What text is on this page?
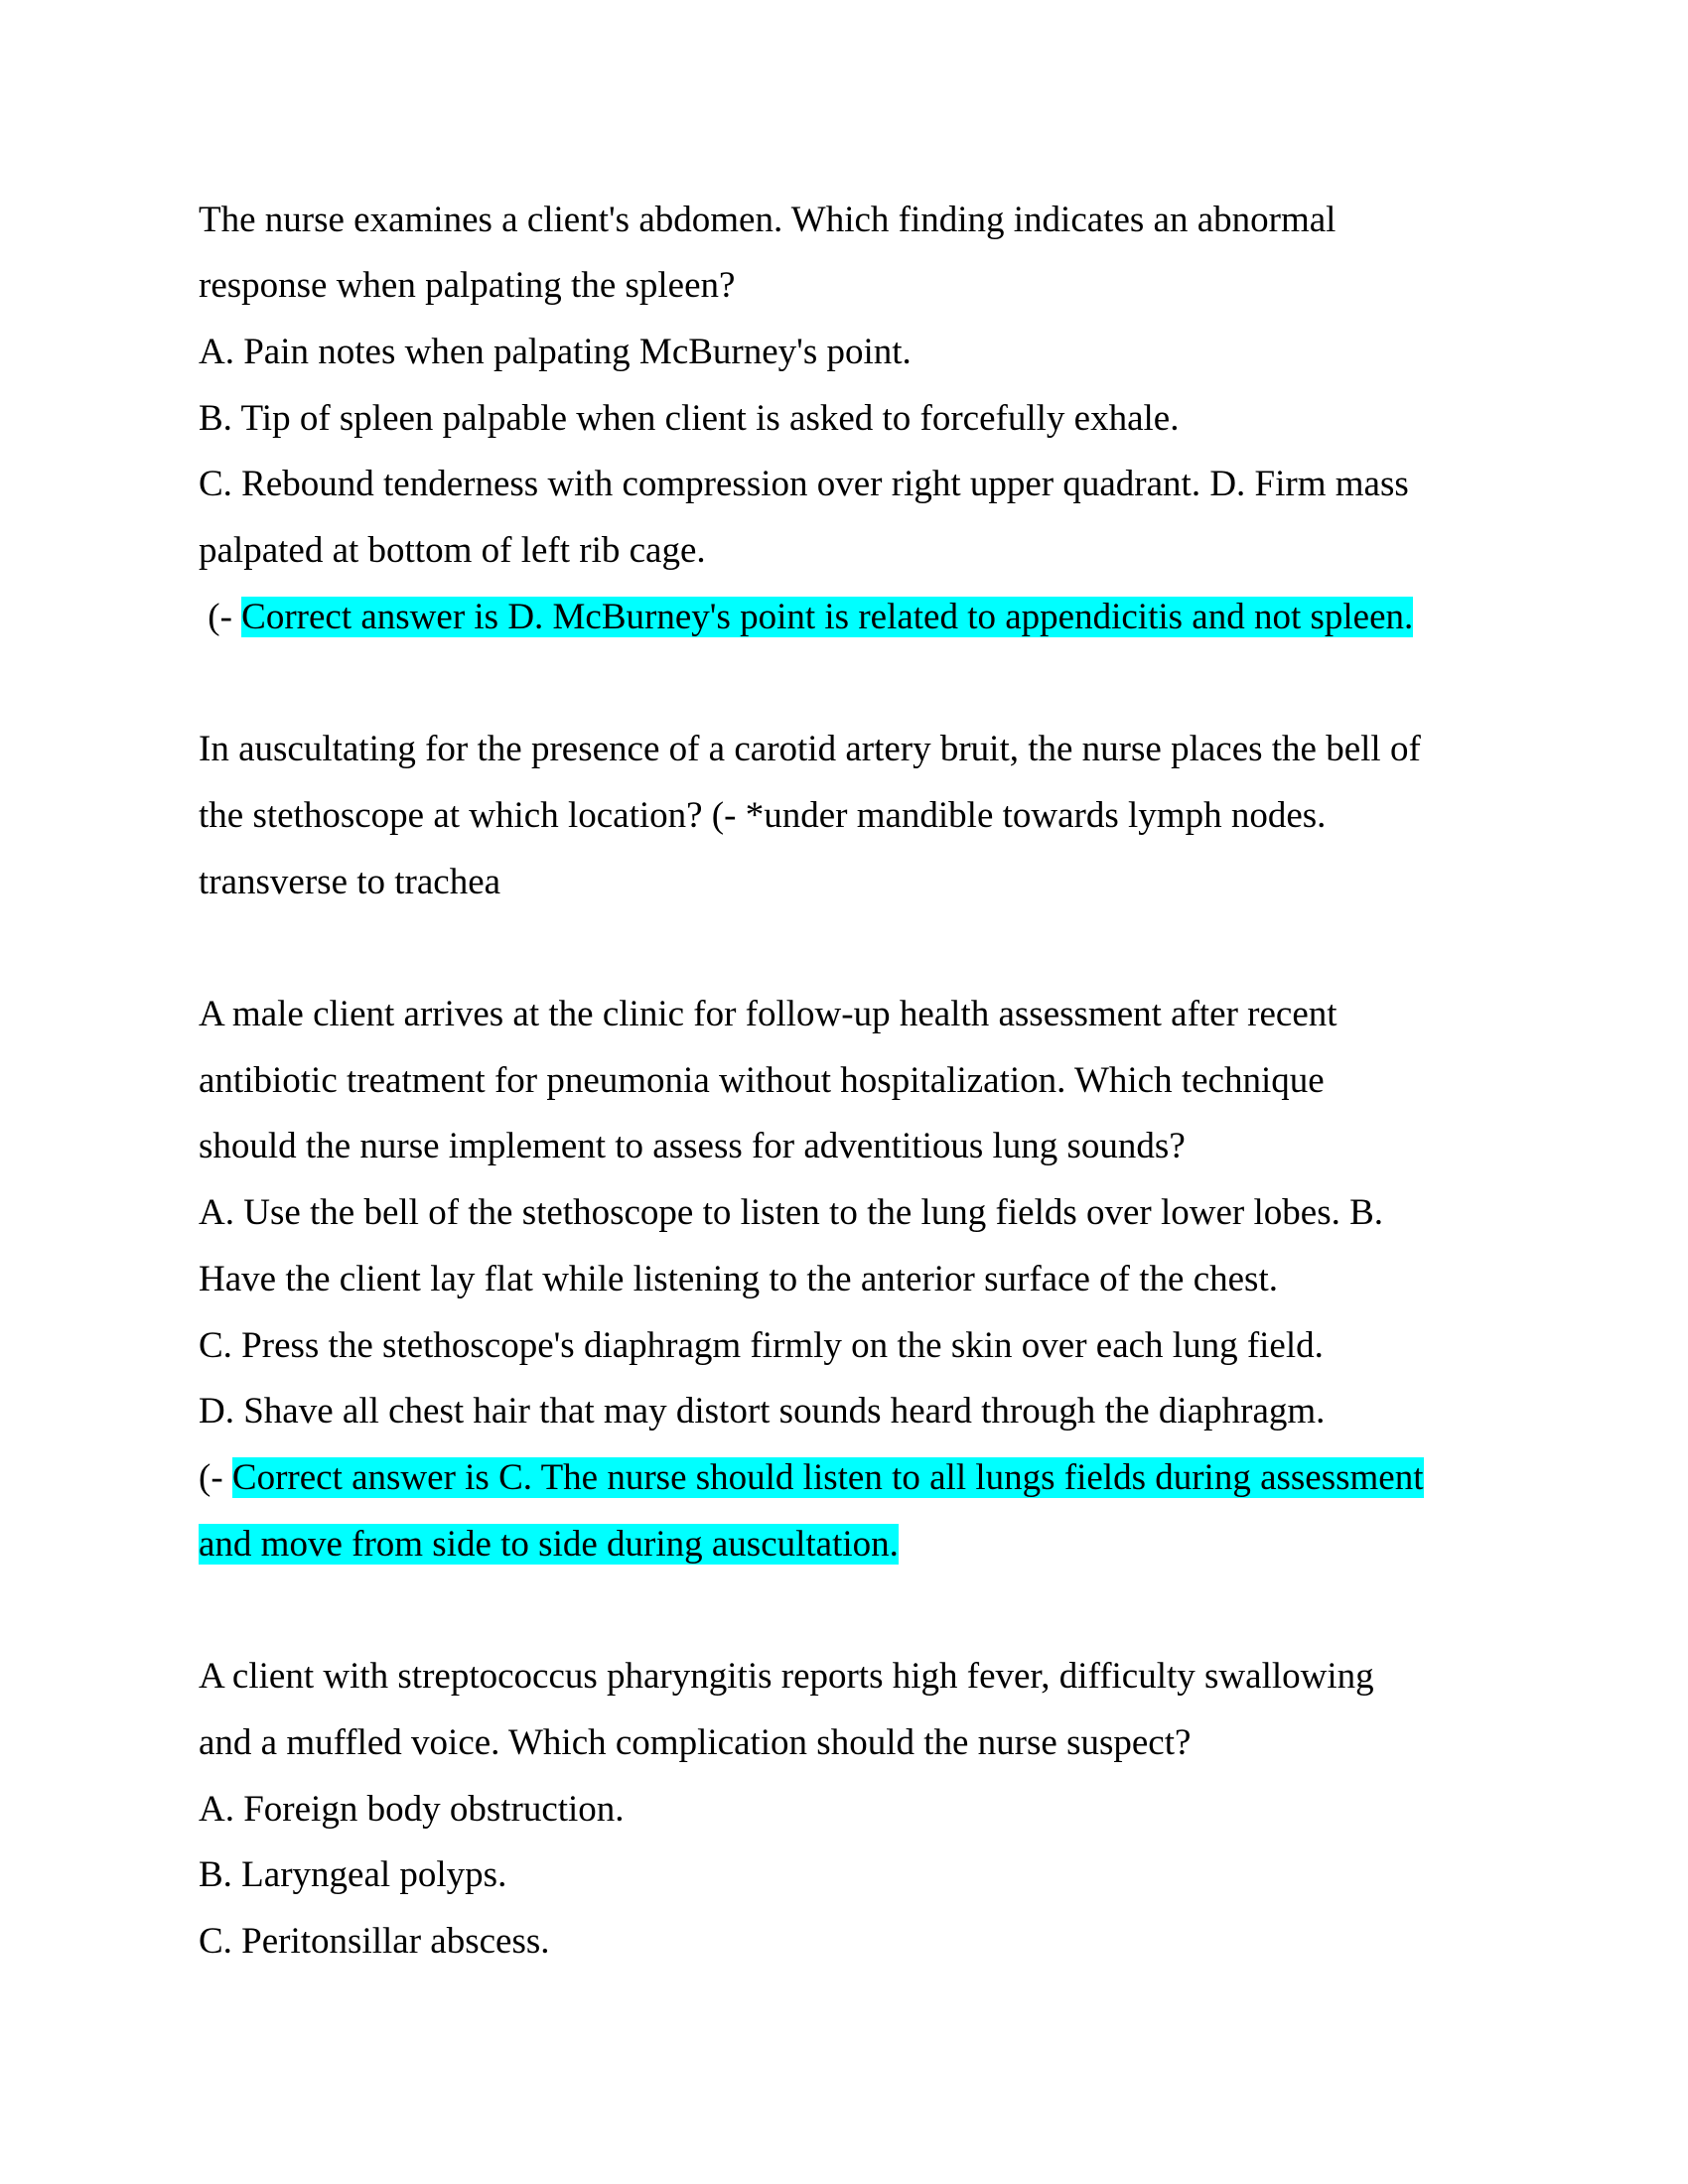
The nurse examines a client's abdomen. Which finding indicates an abnormal
response when palpating the spleen?
A. Pain notes when palpating McBurney's point.
B. Tip of spleen palpable when client is asked to forcefully exhale.
C. Rebound tenderness with compression over right upper quadrant. D. Firm mass
palpated at bottom of left rib cage.
(- Correct answer is D. McBurney's point is related to appendicitis and not spleen.
In auscultating for the presence of a carotid artery bruit, the nurse places the bell of
the stethoscope at which location? (- *under mandible towards lymph nodes.
transverse to trachea
A male client arrives at the clinic for follow-up health assessment after recent
antibiotic treatment for pneumonia without hospitalization. Which technique
should the nurse implement to assess for adventitious lung sounds?
A. Use the bell of the stethoscope to listen to the lung fields over lower lobes. B.
Have the client lay flat while listening to the anterior surface of the chest.
C. Press the stethoscope's diaphragm firmly on the skin over each lung field.
D. Shave all chest hair that may distort sounds heard through the diaphragm.
(- Correct answer is C. The nurse should listen to all lungs fields during assessment
and move from side to side during auscultation.
A client with streptococcus pharyngitis reports high fever, difficulty swallowing
and a muffled voice. Which complication should the nurse suspect?
A. Foreign body obstruction.
B. Laryngeal polyps.
C. Peritonsillar abscess.
